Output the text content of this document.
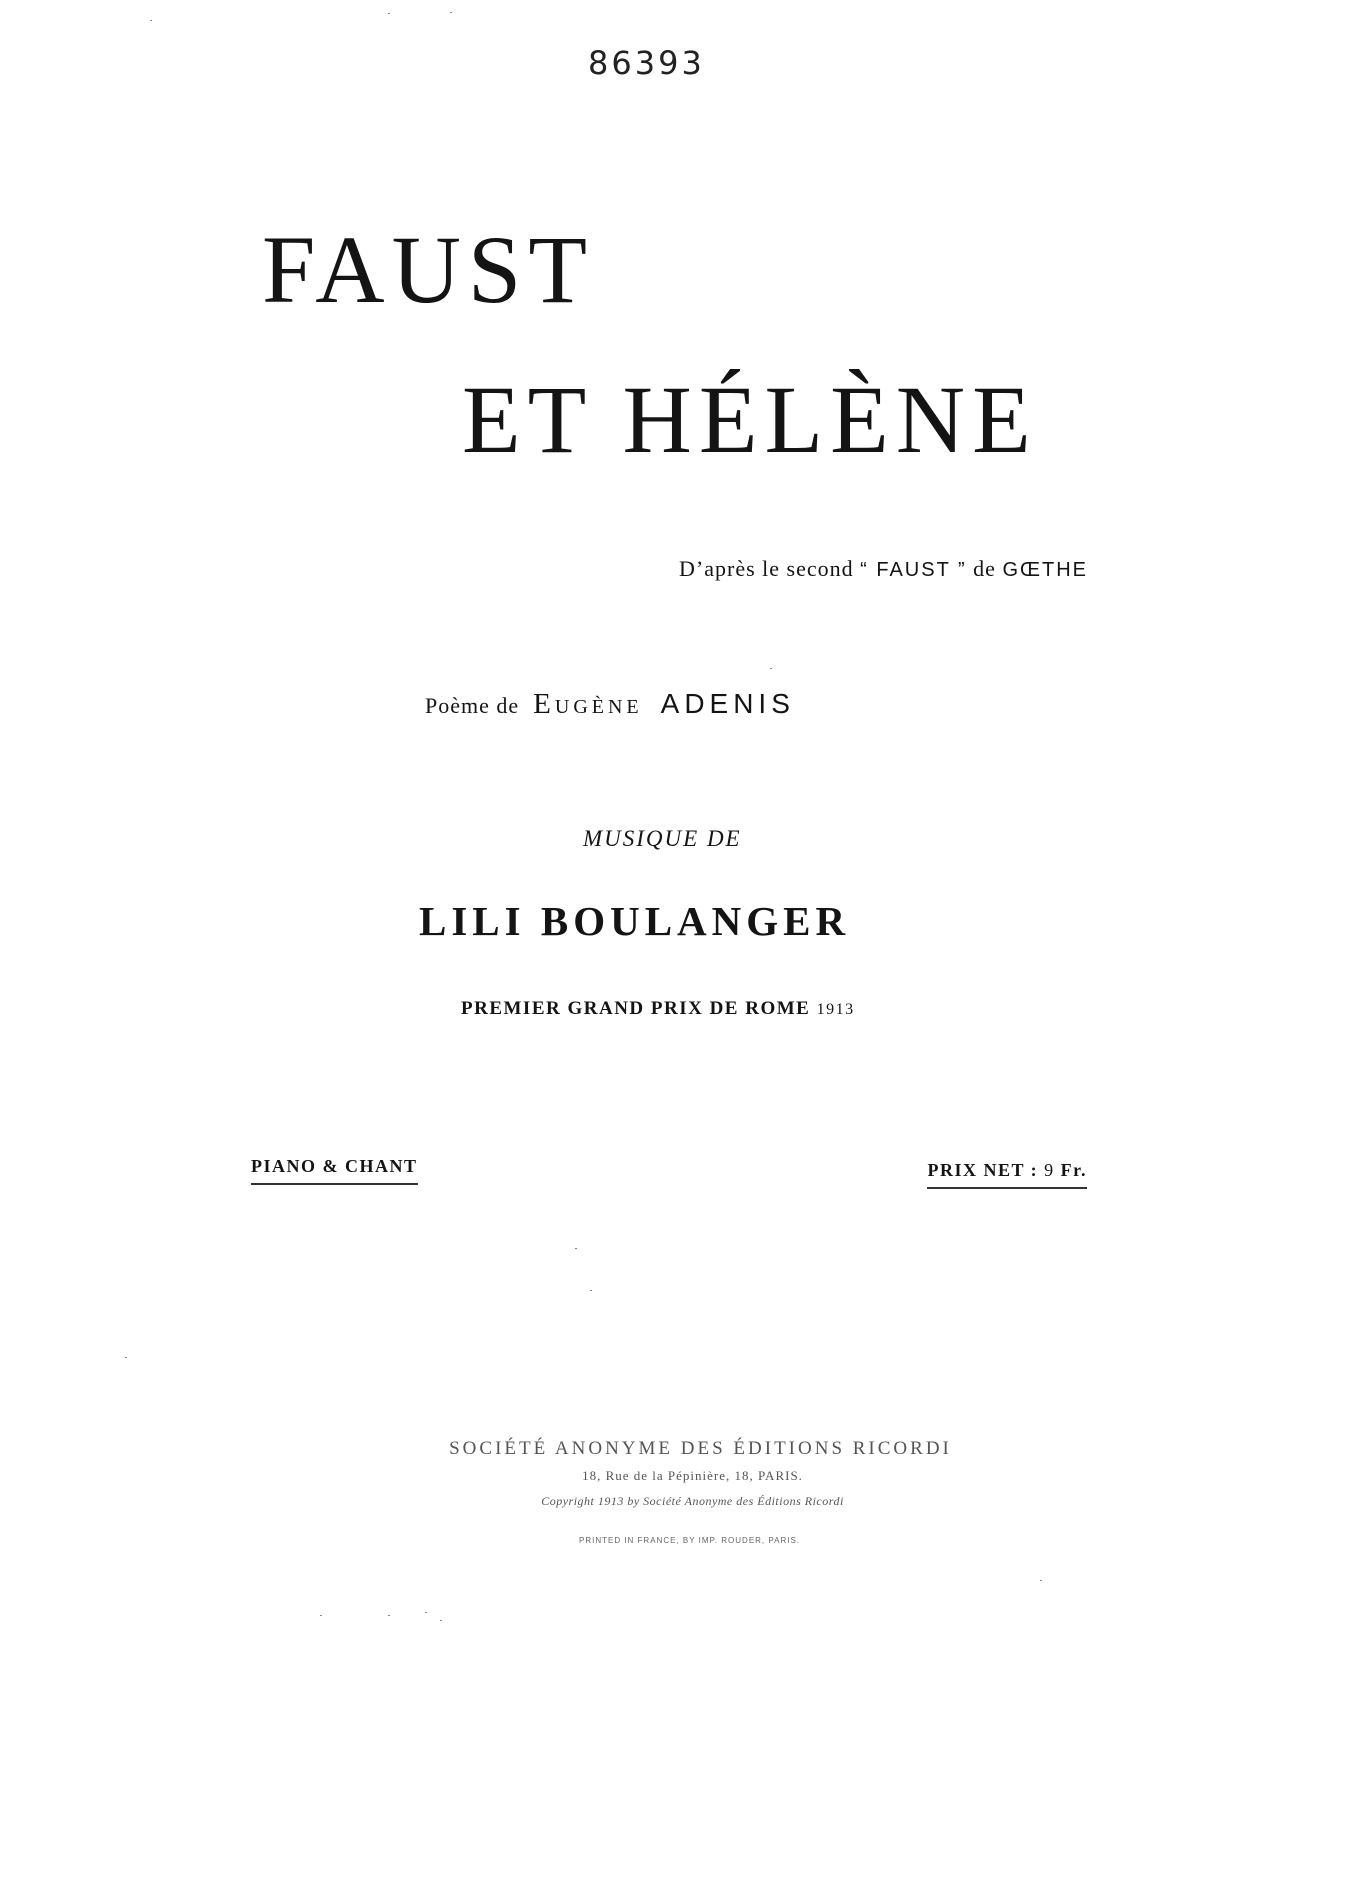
86393
FAUST
ET HÉLÈNE
D’après le second “ FAUST ” de GŒTHE
Poème de Eugène ADENIS
MUSIQUE DE
LILI BOULANGER
PREMIER GRAND PRIX DE ROME 1913
PIANO & CHANT	PRIX NET : 9 Fr.
SOCIÉTÉ ANONYME DES ÉDITIONS RICORDI
18, Rue de la Pépinière, 18, PARIS.
Copyright 1913 by Société Anonyme des Éditions Ricordi
PRINTED IN FRANCE, BY IMP. ROUDER, PARIS.
